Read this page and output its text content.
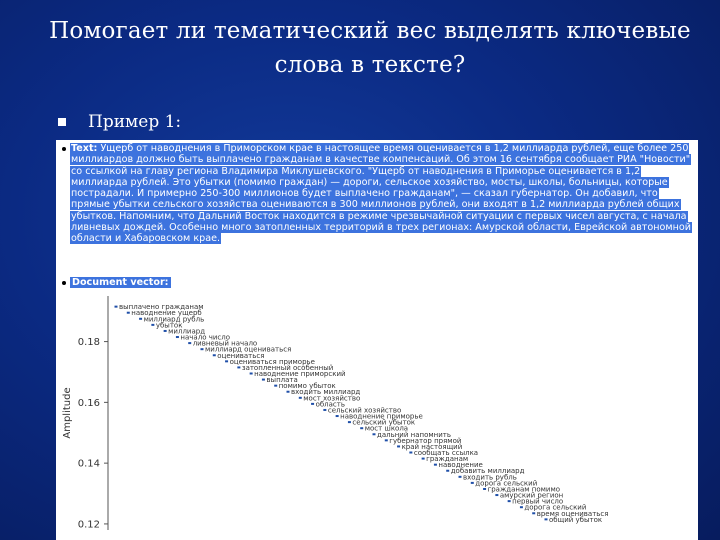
Помогает ли тематический вес выделять ключевые
слова в тексте?
Пример 1:
Text: Ущерб от наводнения в Приморском крае в настоящее время оценивается в 1,2 миллиарда рублей, еще более 250 миллиардов должно быть выплачено гражданам в качестве компенсаций. Об этом 16 сентября сообщает РИА "Новости" со ссылкой на главу региона Владимира Миклушевского. "Ущерб от наводнения в Приморье оценивается в 1,2 миллиарда рублей. Это убытки (помимо граждан) — дороги, сельское хозяйство, мосты, школы, больницы, которые пострадали. И примерно 250-300 миллионов будет выплачено гражданам", — сказал губернатор. Он добавил, что прямые убытки сельского хозяйства оцениваются в 300 миллионов рублей, они входят в 1,2 миллиарда рублей общих убытков. Напомним, что Дальний Восток находится в режиме чрезвычайной ситуации с первых чисел августа, с начала ливневых дождей. Особенно много затопленных территорий в трех регионах: Амурской области, Еврейской автономной области и Хабаровском крае.
Document vector:
Amplitude
0.18
0.16
0.14
0.12
выплачено гражданам
наводнение ущерб
миллиард рубль
убыток
миллиард
начало число
ливневый начало
миллиард оцениваться
оцениваться
оцениваться приморье
затопленный особенный
наводнение приморский
выплата
помимо убыток
входить миллиард
мост хозяйство
область
сельский хозяйство
наводнение приморье
сельский убыток
мост школа
дальний напомнить
губернатор прямой
край настоящий
сообщать ссылка
гражданам
наводнение
добавить миллиард
входить рубль
дорога сельский
гражданам помимо
амурский регион
первый число
дорога сельский
время оцениваться
общий убыток
